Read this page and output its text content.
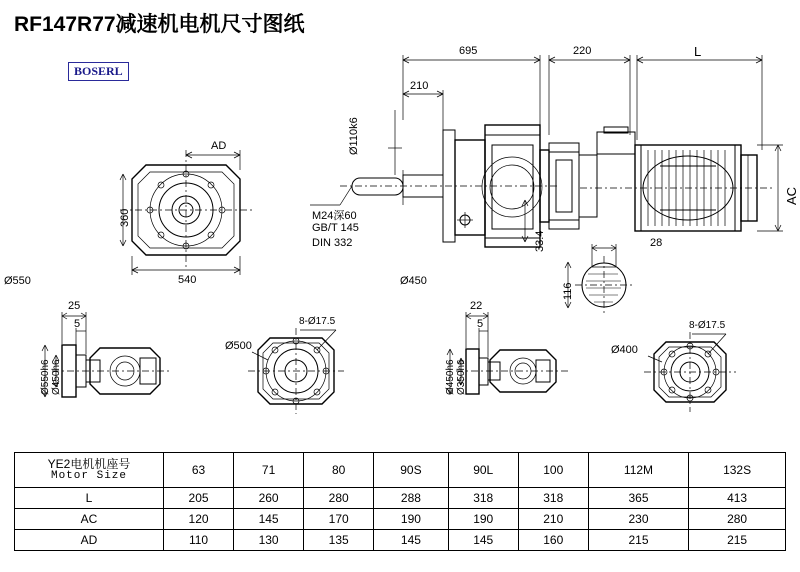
RF147R77减速机电机尺寸图纸
BOSERL
695	220	L
210
Ø110k6
33.4
AC
28
116
AD
360
540
M24深60
GB/T 145
DIN 332
Ø550	Ø450
25
5
22
5
8-Ø17.5	8-Ø17.5
Ø500	Ø400
Ø550h6 Ø450h6	Ø450h6 Ø350h6
YE2电机机座号
Motor Size	63	71	80	90S	90L	100	112M	132S
L	205	260	280	288	318	318	365	413
AC	120	145	170	190	190	210	230	280
AD	110	130	135	145	145	160	215	215
